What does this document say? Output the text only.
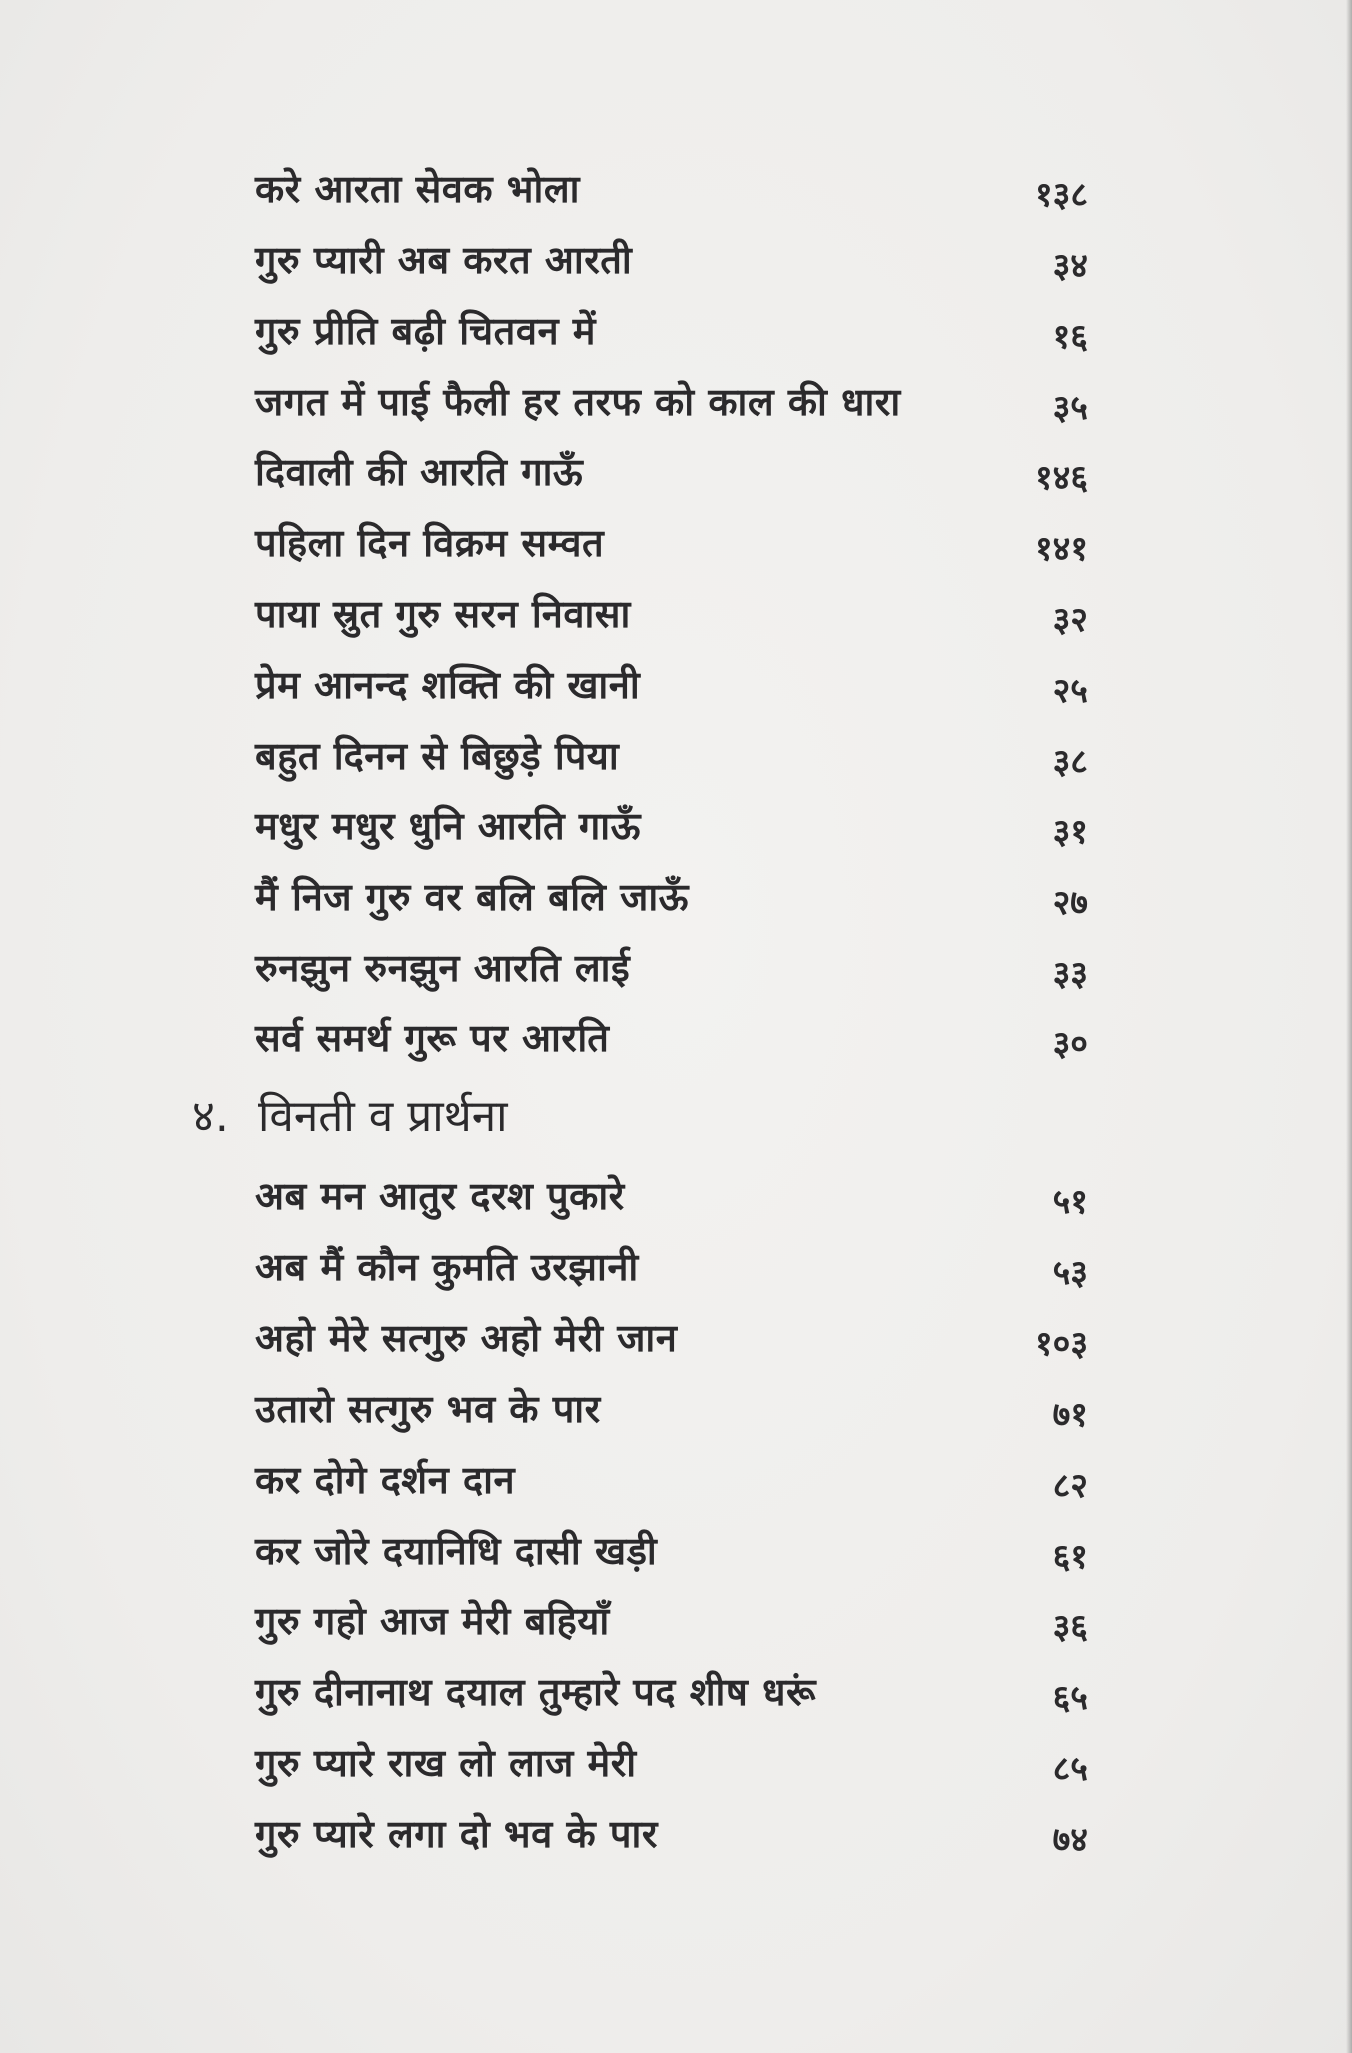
करे आरता सेवक भोला	१३८
गुरु प्यारी अब करत आरती	३४
गुरु प्रीति बढ़ी चितवन में	१६
जगत में पाई फैली हर तरफ को काल की धारा	३५
दिवाली की आरति गाऊँ	१४६
पहिला दिन विक्रम सम्वत	१४१
पाया स्रुत गुरु सरन निवासा	३२
प्रेम आनन्द शक्ति की खानी	२५
बहुत दिनन से बिछुड़े पिया	३८
मधुर मधुर धुनि आरति गाऊँ	३१
मैं निज गुरु वर बलि बलि जाऊँ	२७
रुनझुन रुनझुन आरति लाई	३३
सर्व समर्थ गुरू पर आरति	३०
४. विनती व प्रार्थना
अब मन आतुर दरश पुकारे	५१
अब मैं कौन कुमति उरझानी	५३
अहो मेरे सत्गुरु अहो मेरी जान	१०३
उतारो सत्गुरु भव के पार	७१
कर दोगे दर्शन दान	८२
कर जोरे दयानिधि दासी खड़ी	६१
गुरु गहो आज मेरी बहियाँ	३६
गुरु दीनानाथ दयाल तुम्हारे पद शीष धरूं	६५
गुरु प्यारे राख लो लाज मेरी	८५
गुरु प्यारे लगा दो भव के पार	७४
